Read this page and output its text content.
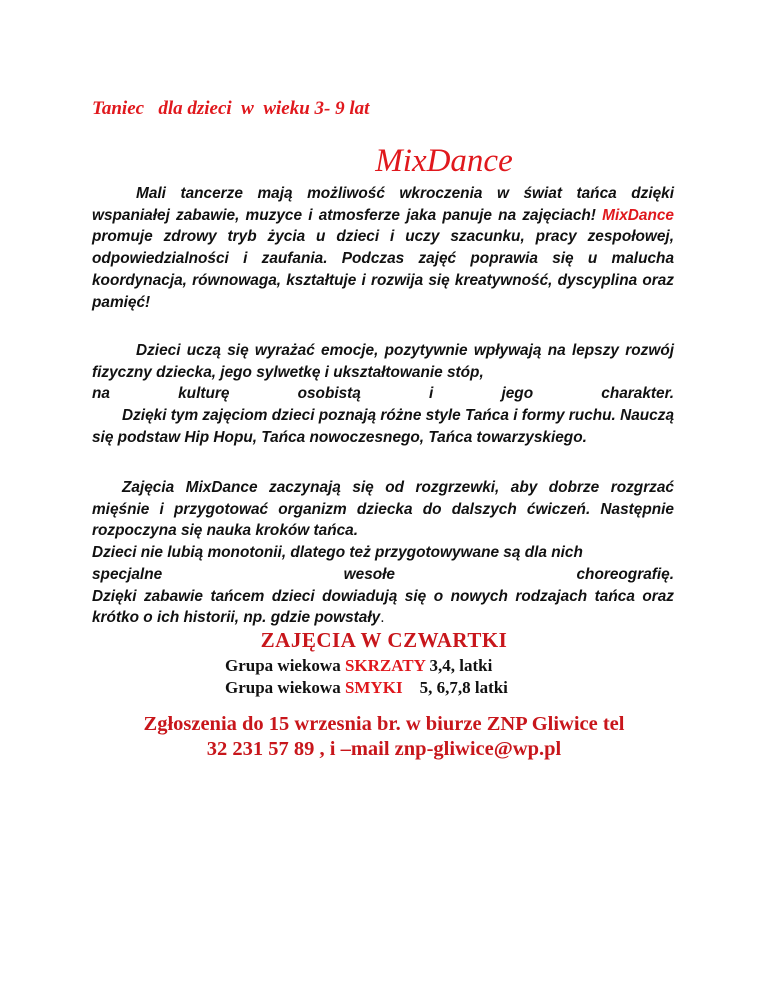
Taniec   dla dzieci  w  wieku 3- 9 lat
MixDance

Mali tancerze mają możliwość wkroczenia w świat tańca dzięki wspaniałej zabawie, muzyce i atmosferze jaka panuje na zajęciach! MixDance promuje zdrowy tryb życia u dzieci i uczy szacunku, pracy zespołowej, odpowiedzialności i zaufania. Podczas zajęć poprawia się u malucha koordynacja, równowaga, kształtuje i rozwija się kreatywność, dyscyplina oraz pamięć!

Dzieci uczą się wyrażać emocje, pozytywnie wpływają na lepszy rozwój fizyczny dziecka, jego sylwetkę i ukształtowanie stóp,
na kulturę osobistą i jego charakter.
Dzięki tym zajęciom dzieci poznają różne style Tańca i formy ruchu. Nauczą się podstaw Hip Hopu, Tańca nowoczesnego, Tańca towarzyskiego.

Zajęcia MixDance zaczynają się od rozgrzewki, aby dobrze rozgrzać mięśnie i przygotować organizm dziecka do dalszych ćwiczeń. Następnie rozpoczyna się nauka kroków tańca.
Dzieci nie lubią monotonii, dlatego też przygotowywane są dla nich
specjalne wesołe choreografię.
Dzięki zabawie tańcem dzieci dowiadują się o nowych rodzajach tańca oraz krótko o ich historii, np. gdzie powstały.

ZAJĘCIA W CZWARTKI
Grupa wiekowa SKRZATY 3,4, latki
Grupa wiekowa SMYKI    5, 6,7,8 latki
Zgłoszenia do 15 wrzesnia br. w biurze ZNP Gliwice tel
32 231 57 89 , i –mail znp-gliwice@wp.pl
